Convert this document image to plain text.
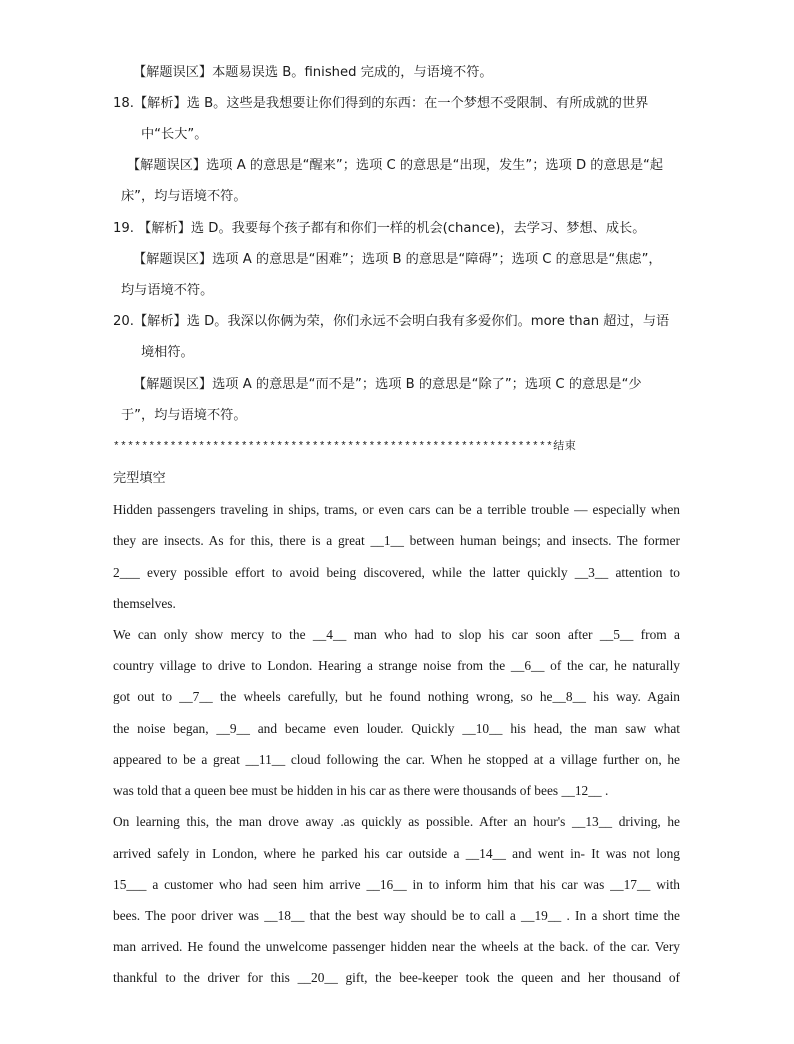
【解题误区】本题易误选 B。finished 完成的，与语境不符。
18.【解析】选 B。这些是我想要让你们得到的东西：在一个梦想不受限制、有所成就的世界
中“长大”。
【解题误区】选项 A 的意思是“醒来”；选项 C 的意思是“出现，发生”；选项 D 的意思是“起
床”，均与语境不符。
19. 【解析】选 D。我要每个孩子都有和你们一样的机会(chance)，去学习、梦想、成长。
【解题误区】选项 A 的意思是“困难”；选项 B 的意思是“障碍”；选项 C 的意思是“焦虑”，
均与语境不符。
20.【解析】选 D。我深以你俩为荣，你们永远不会明白我有多爱你们。more than 超过，与语
境相符。
【解题误区】选项 A 的意思是“而不是”；选项 B 的意思是“除了”；选项 C 的意思是“少
于”，均与语境不符。
**************************************************************结束
完型填空
Hidden passengers traveling in ships, trams, or even cars can be a terrible trouble — especially when
they are insects. As for this, there is a great __1__ between human beings; and insects. The former
2___ every possible effort to avoid being discovered, while the latter quickly __3__ attention to
themselves.
We can only show mercy to the __4__ man who had to slop his car soon after __5__ from a
country village to drive to London. Hearing a strange noise from the __6__ of the car, he naturally
got out to __7__ the wheels carefully, but he found nothing wrong, so he__8__ his way. Again
the noise began, __9__ and became even louder. Quickly __10__ his head, the man saw what
appeared to be a great __11__ cloud following the car. When he stopped at a village further on, he
was told that a queen bee must be hidden in his car as there were thousands of bees __12__ .
On learning this, the man drove away .as quickly as possible. After an hour's __13__ driving, he
arrived safely in London, where he parked his car outside a __14__ and went in- It was not long
15___ a customer who had seen him arrive __16__ in to inform him that his car was __17__ with
bees. The poor driver was __18__ that the best way should be to call a __19__ . In a short time the
man arrived. He found the unwelcome passenger hidden near the wheels at the back. of the car. Very
thankful to the driver for this __20__ gift, the bee-keeper took the queen and her thousand of
